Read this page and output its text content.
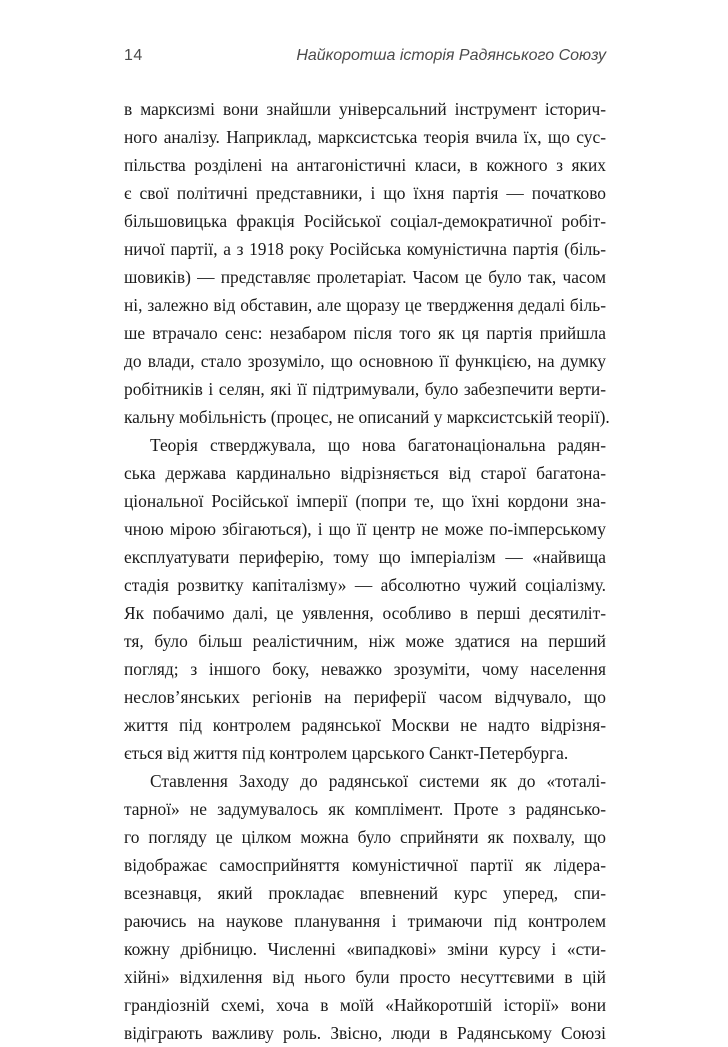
14	Найкоротша історія Радянського Союзу
в марксизмі вони знайшли універсальний інструмент історич-
ного аналізу. Наприклад, марксистська теорія вчила їх, що сус-
пільства розділені на антагоністичні класи, в кожного з яких
є свої політичні представники, і що їхня партія — початково
більшовицька фракція Російської соціал-демократичної робіт-
ничої партії, а з 1918 року Російська комуністична партія (біль-
шовиків) — представляє пролетаріат. Часом це було так, часом
ні, залежно від обставин, але щоразу це твердження дедалі біль-
ше втрачало сенс: незабаром після того як ця партія прийшла
до влади, стало зрозуміло, що основною її функцією, на думку
робітників і селян, які її підтримували, було забезпечити верти-
кальну мобільність (процес, не описаний у марксистській теорії).
Теорія стверджувала, що нова багатонаціональна радян-
ська держава кардинально відрізняється від старої багатона-
ціональної Російської імперії (попри те, що їхні кордони зна-
чною мірою збігаються), і що її центр не може по-імперському
експлуатувати периферію, тому що імперіалізм — «найвища
стадія розвитку капіталізму» — абсолютно чужий соціалізму.
Як побачимо далі, це уявлення, особливо в перші десятиліт-
тя, було більш реалістичним, ніж може здатися на перший
погляд; з іншого боку, неважко зрозуміти, чому населення
несловʼянських регіонів на периферії часом відчувало, що
життя під контролем радянської Москви не надто відрізня-
ється від життя під контролем царського Санкт-Петербурга.
Ставлення Заходу до радянської системи як до «тоталі-
тарної» не задумувалось як комплімент. Проте з радянсько-
го погляду це цілком можна було сприйняти як похвалу, що
відображає самосприйняття комуністичної партії як лідера-
всезнавця, який прокладає впевнений курс уперед, спи-
раючись на наукове планування і тримаючи під контролем
кожну дрібницю. Численні «випадкові» зміни курсу і «сти-
хійні» відхилення від нього були просто несуттєвими в цій
грандіозній схемі, хоча в моїй «Найкоротшій історії» вони
відіграють важливу роль. Звісно, люди в Радянському Союзі
